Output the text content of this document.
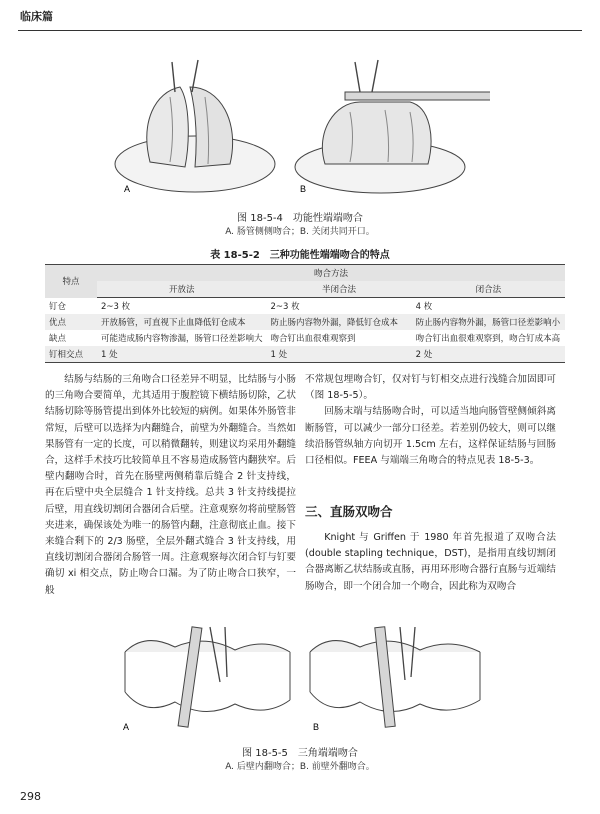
临床篇
A	B
图 18-5-4　功能性端端吻合
A. 肠管侧侧吻合；B. 关闭共同开口。
表 18-5-2　三种功能性端端吻合的特点
特点	吻合方法		
	开放法	半闭合法	闭合法
钉仓	2~3 枚	2~3 枚	4 枚
优点	开放肠管，可直视下止血降低钉仓成本	防止肠内容物外漏，降低钉仓成本	防止肠内容物外漏，肠管口径差影响小
缺点	可能造成肠内容物渗漏，肠管口径差影响大	吻合钉出血很难观察到	吻合钉出血很难观察到，吻合钉成本高
钉相交点	1 处	1 处	2 处

结肠与结肠的三角吻合口径差异不明显，比结肠与小肠的三角吻合要简单，尤其适用于腹腔镜下横结肠切除，乙状结肠切除等肠管提出到体外比较短的病例。如果体外肠管非常短，后壁可以选择为内翻缝合，前壁为外翻缝合。当然如果肠管有一定的长度，可以稍微翻转，则建议均采用外翻缝合，这样手术技巧比较简单且不容易造成肠管内翻狭窄。后壁内翻吻合时，首先在肠壁两侧稍靠后缝合 2 针支持线，再在后壁中央全层缝合 1 针支持线。总共 3 针支持线提拉后壁，用直线切割闭合器闭合后壁。注意观察勿将前壁肠管夹进来，确保该处为唯一的肠管内翻，注意彻底止血。接下来缝合剩下的 2/3 肠壁，全层外翻式缝合 3 针支持线，用直线切割闭合器闭合肠管一周。注意观察每次闭合钉与钉要确切 xi 相交点，防止吻合口漏。为了防止吻合口狭窄，一般

不常规包埋吻合钉，仅对钉与钉相交点进行浅缝合加固即可（图 18-5-5）。

回肠末端与结肠吻合时，可以适当地向肠管壁侧倾斜离断肠管，可以减少一部分口径差。若差别仍较大，则可以继续沿肠管纵轴方向切开 1.5cm 左右，这样保证结肠与回肠口径相似。FEEA 与端端三角吻合的特点见表 18-5-3。

三、直肠双吻合

Knight 与 Griffen 于 1980 年首先报道了双吻合法(double stapling technique，DST)，是指用直线切割闭合器离断乙状结肠或直肠，再用环形吻合器行直肠与近端结肠吻合，即一个闭合加一个吻合，因此称为双吻合

A	B
图 18-5-5　三角端端吻合
A. 后壁内翻吻合；B. 前壁外翻吻合。
298
